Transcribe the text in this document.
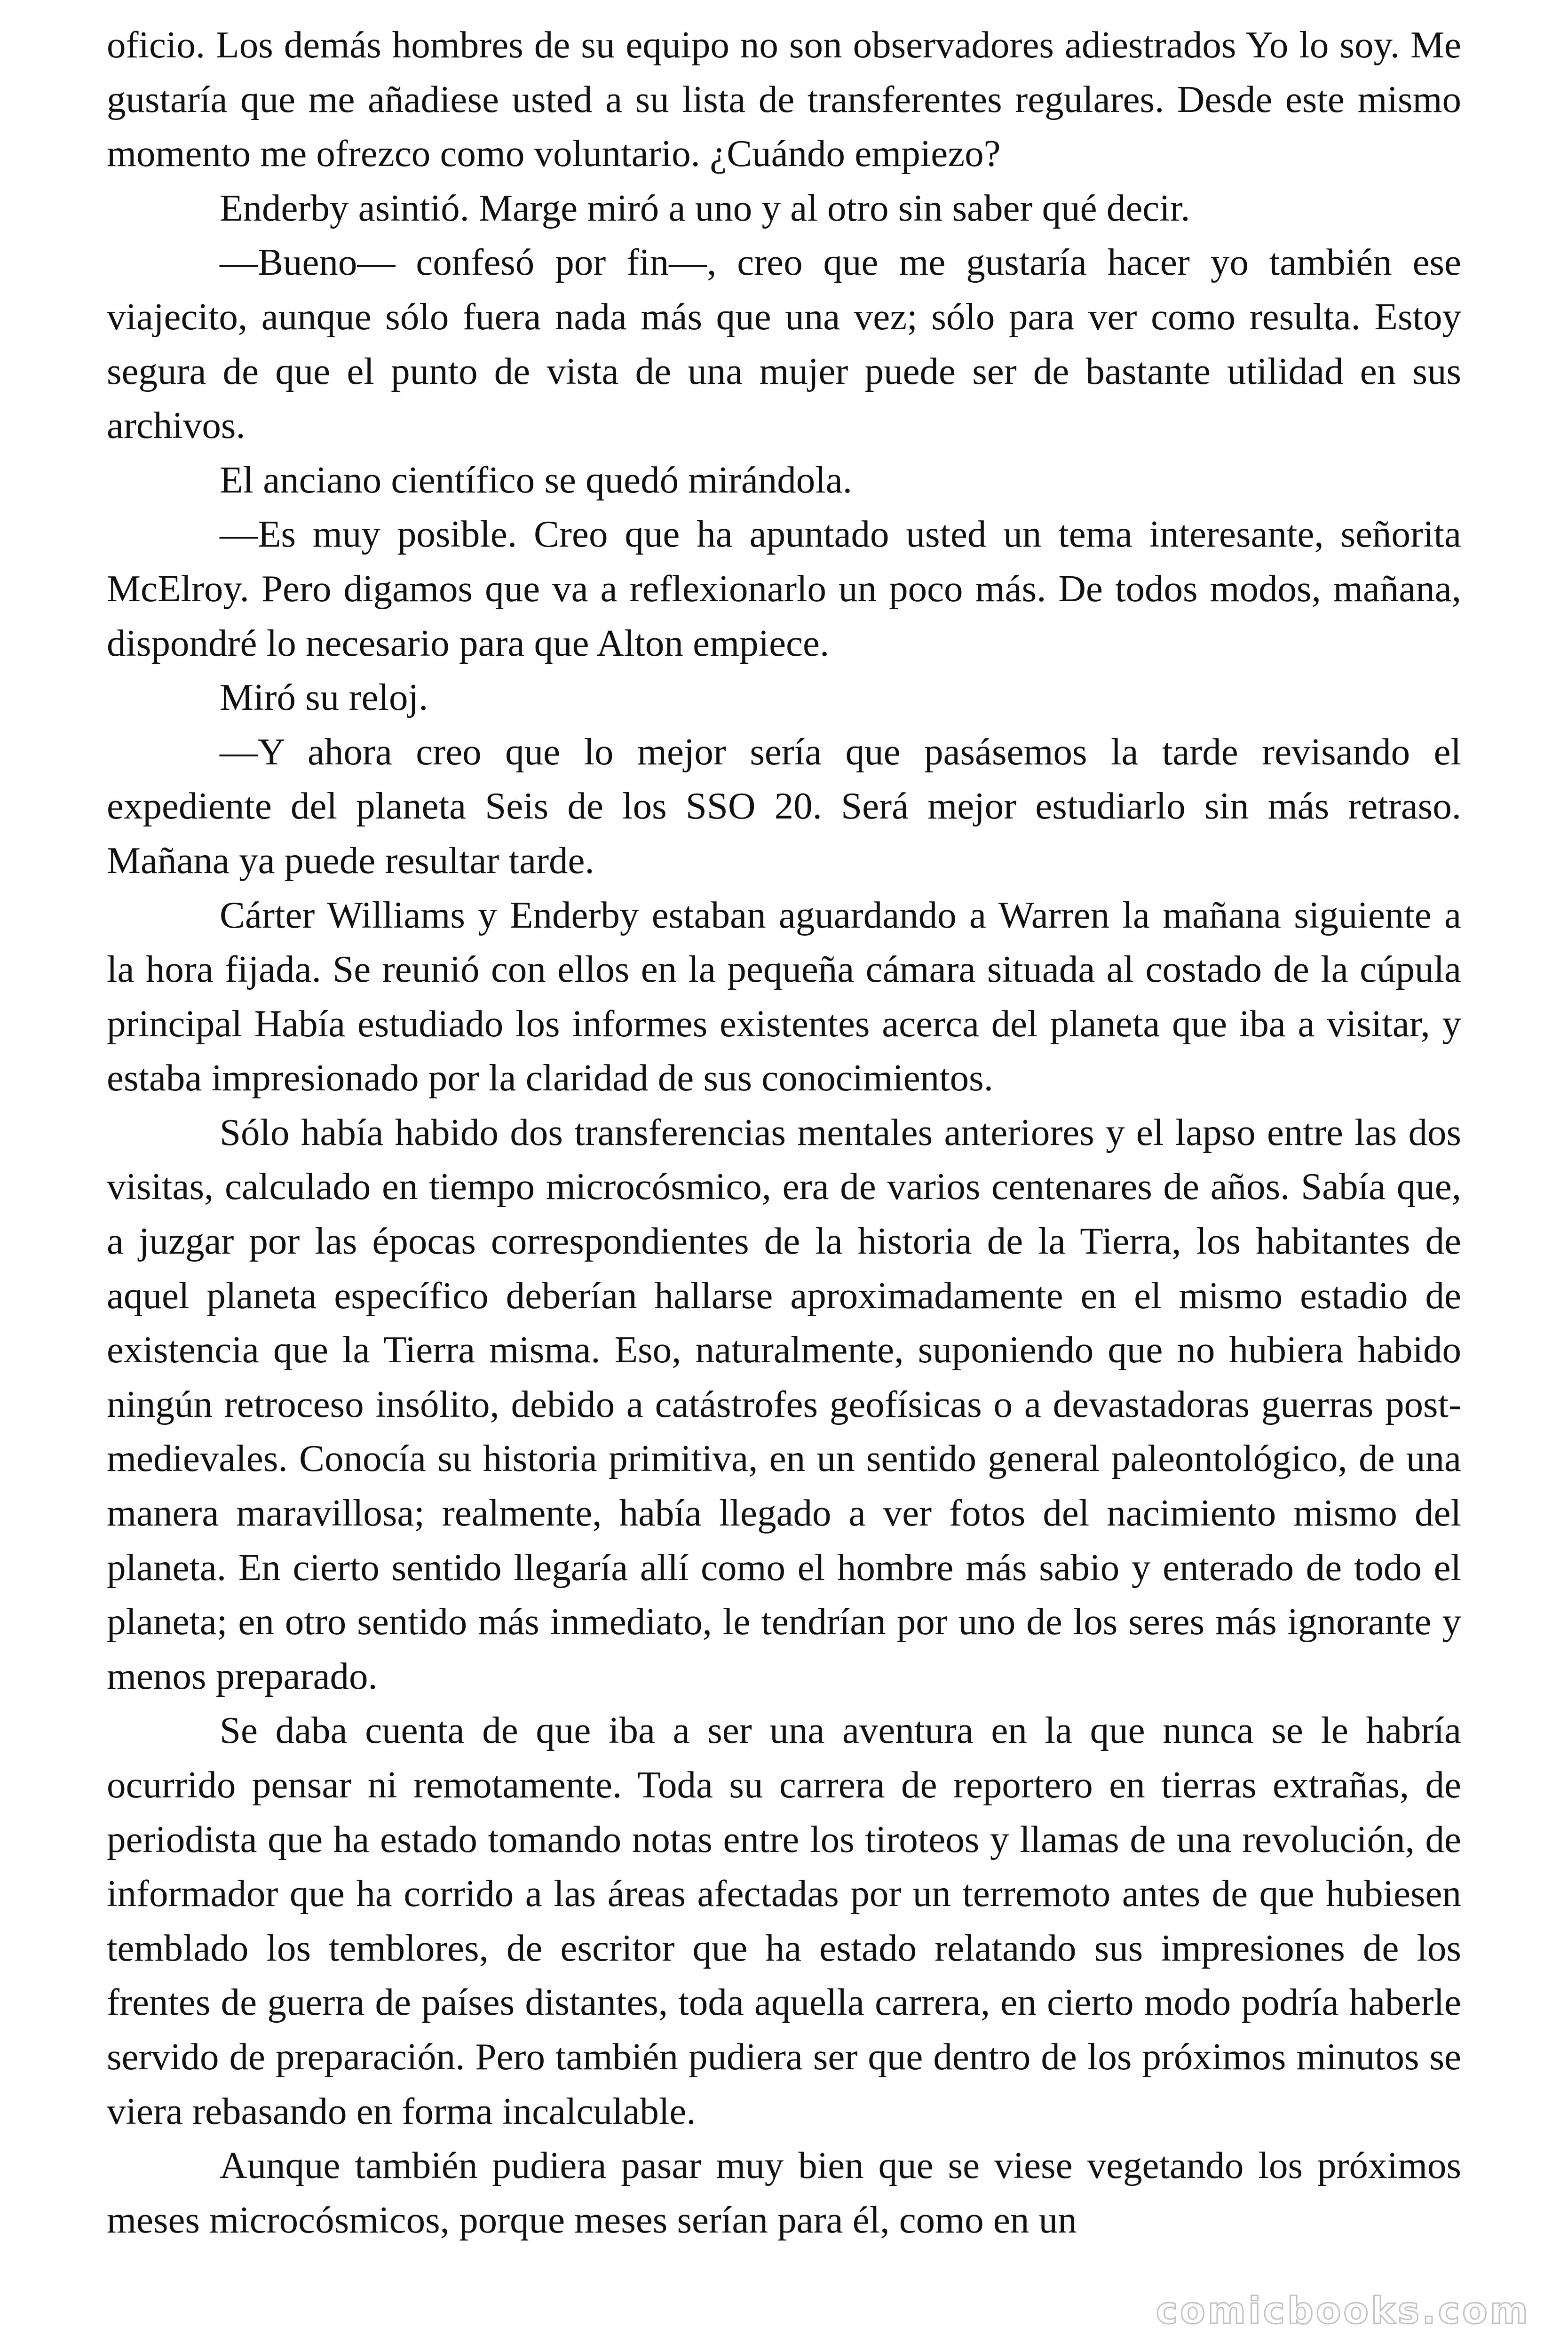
oficio. Los demás hombres de su equipo no son observadores adiestrados Yo lo soy. Me gustaría que me añadiese usted a su lista de transferentes regulares. Desde este mismo momento me ofrezco como voluntario. ¿Cuándo empiezo?

Enderby asintió. Marge miró a uno y al otro sin saber qué decir.

—Bueno— confesó por fin—, creo que me gustaría hacer yo también ese viajecito, aunque sólo fuera nada más que una vez; sólo para ver como resulta. Estoy segura de que el punto de vista de una mujer puede ser de bastante utilidad en sus archivos.

El anciano científico se quedó mirándola.

—Es muy posible. Creo que ha apuntado usted un tema interesante, señorita McElroy. Pero digamos que va a reflexionarlo un poco más. De todos modos, mañana, dispondré lo necesario para que Alton empiece.

Miró su reloj.

—Y ahora creo que lo mejor sería que pasásemos la tarde revisando el expediente del planeta Seis de los SSO 20. Será mejor estudiarlo sin más retraso. Mañana ya puede resultar tarde.

Cárter Williams y Enderby estaban aguardando a Warren la mañana siguiente a la hora fijada. Se reunió con ellos en la pequeña cámara situada al costado de la cúpula principal Había estudiado los informes existentes acerca del planeta que iba a visitar, y estaba impresionado por la claridad de sus conocimientos.

Sólo había habido dos transferencias mentales anteriores y el lapso entre las dos visitas, calculado en tiempo microcósmico, era de varios centenares de años. Sabía que, a juzgar por las épocas correspondientes de la historia de la Tierra, los habitantes de aquel planeta específico deberían hallarse aproximadamente en el mismo estadio de existencia que la Tierra misma. Eso, naturalmente, suponiendo que no hubiera habido ningún retroceso insólito, debido a catástrofes geofísicas o a devastadoras guerras post-medievales. Conocía su historia primitiva, en un sentido general paleontológico, de una manera maravillosa; realmente, había llegado a ver fotos del nacimiento mismo del planeta. En cierto sentido llegaría allí como el hombre más sabio y enterado de todo el planeta; en otro sentido más inmediato, le tendrían por uno de los seres más ignorante y menos preparado.

Se daba cuenta de que iba a ser una aventura en la que nunca se le habría ocurrido pensar ni remotamente. Toda su carrera de reportero en tierras extrañas, de periodista que ha estado tomando notas entre los tiroteos y llamas de una revolución, de informador que ha corrido a las áreas afectadas por un terremoto antes de que hubiesen temblado los temblores, de escritor que ha estado relatando sus impresiones de los frentes de guerra de países distantes, toda aquella carrera, en cierto modo podría haberle servido de preparación. Pero también pudiera ser que dentro de los próximos minutos se viera rebasando en forma incalculable.

Aunque también pudiera pasar muy bien que se viese vegetando los próximos meses microcósmicos, porque meses serían para él, como en un

comicbooks.com
